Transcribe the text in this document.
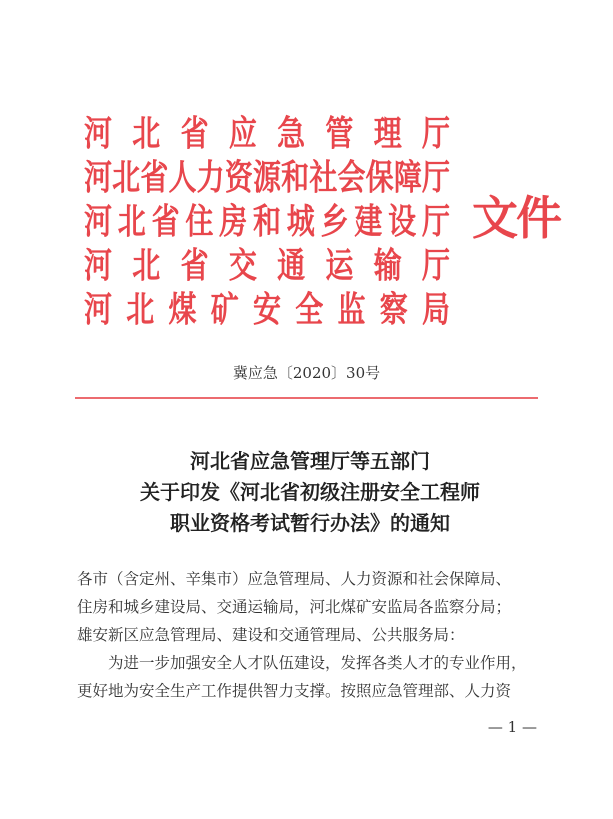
河北省应急管理厅
河北省人力资源和社会保障厅
河北省住房和城乡建设厅
河北省交通运输厅
河北煤矿安全监察局
文件
冀应急〔2020〕30号
河北省应急管理厅等五部门
关于印发《河北省初级注册安全工程师
职业资格考试暂行办法》的通知
各市（含定州、辛集市）应急管理局、人力资源和社会保障局、
住房和城乡建设局、交通运输局，河北煤矿安监局各监察分局；
雄安新区应急管理局、建设和交通管理局、公共服务局：
为进一步加强安全人才队伍建设，发挥各类人才的专业作用，
更好地为安全生产工作提供智力支撑。按照应急管理部、人力资
— 1 —
